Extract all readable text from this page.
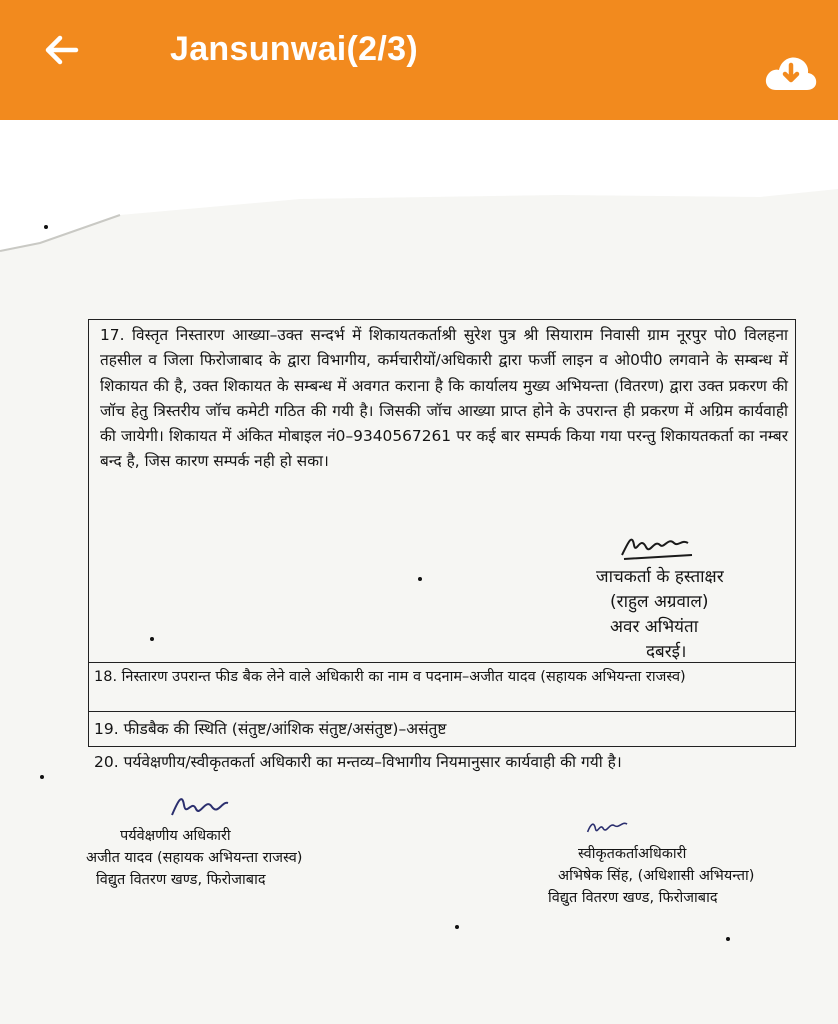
Jansunwai(2/3)
17. विस्तृत निस्तारण आख्या–उक्त सन्दर्भ में शिकायतकर्ताश्री सुरेश पुत्र श्री सियाराम निवासी ग्राम नूरपुर पो0 विलहना तहसील व जिला फिरोजाबाद के द्वारा विभागीय, कर्मचारीयों/अधिकारी द्वारा फर्जी लाइन व ओ0पी0 लगवाने के सम्बन्ध में शिकायत की है, उक्त शिकायत के सम्बन्ध में अवगत कराना है कि कार्यालय मुख्य अभियन्ता (वितरण) द्वारा उक्त प्रकरण की जॉच हेतु त्रिस्तरीय जॉच कमेटी गठित की गयी है। जिसकी जॉच आख्या प्राप्त होने के उपरान्त ही प्रकरण में अग्रिम कार्यवाही की जायेगी। शिकायत में अंकित मोबाइल नं0–9340567261 पर कई बार सम्पर्क किया गया परन्तु शिकायतकर्ता का नम्बर बन्द है, जिस कारण सम्पर्क नही हो सका।
जाचकर्ता के हस्ताक्षर
(राहुल अग्रवाल)
अवर अभियंता
दबरई।
18. निस्तारण उपरान्त फीड बैक लेने वाले अधिकारी का नाम व पदनाम–अजीत यादव (सहायक अभियन्ता राजस्व)
19. फीडबैक की स्थिति (संतुष्ट/आंशिक संतुष्ट/असंतुष्ट)–असंतुष्ट
20. पर्यवेक्षणीय/स्वीकृतकर्ता अधिकारी का मन्तव्य–विभागीय नियमानुसार कार्यवाही की गयी है।
पर्यवेक्षणीय अधिकारी
अजीत यादव (सहायक अभियन्ता राजस्व)
विद्युत वितरण खण्ड, फिरोजाबाद
स्वीकृतकर्ताअधिकारी
अभिषेक सिंह, (अधिशासी अभियन्ता)
विद्युत वितरण खण्ड, फिरोजाबाद
